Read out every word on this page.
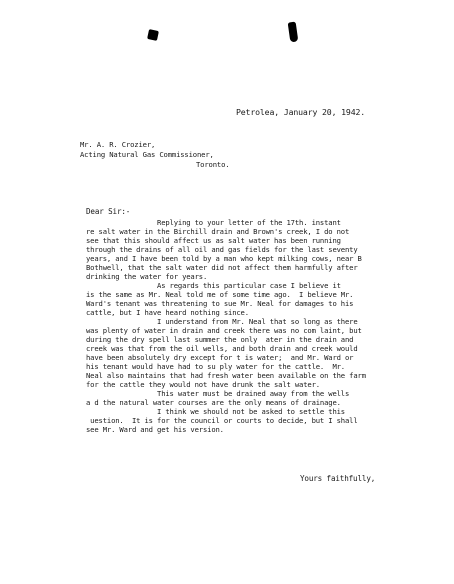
Petrolea, January 20, 1942.
Mr. A. R. Crozier,
Acting Natural Gas Commissioner,
Toronto.
Dear Sir:-
Replying to your letter of the 17th. instant
re salt water in the Birchill drain and Brown's creek, I do not
see that this should affect us as salt water has been running
through the drains of all oil and gas fields for the last seventy
years, and I have been told by a man who kept milking cows, near B
Bothwell, that the salt water did not affect them harmfully after
drinking the water for years.
As regards this particular case I believe it
is the same as Mr. Neal told me of some time ago.  I believe Mr.
Ward's tenant was threatening to sue Mr. Neal for damages to his
cattle, but I have heard nothing since.
I understand from Mr. Neal that so long as there
was plenty of water in drain and creek there was no com laint, but
during the dry spell last summer the only  ater in the drain and
creek was that from the oil wells, and both drain and creek would
have been absolutely dry except for t is water;  and Mr. Ward or
his tenant would have had to su ply water for the cattle.  Mr.
Neal also maintains that had fresh water been available on the farm
for the cattle they would not have drunk the salt water.
This water must be drained away from the wells
a d the natural water courses are the only means of drainage.
I think we should not be asked to settle this
uestion.  It is for the council or courts to decide, but I shall
see Mr. Ward and get his version.
Yours faithfully,
